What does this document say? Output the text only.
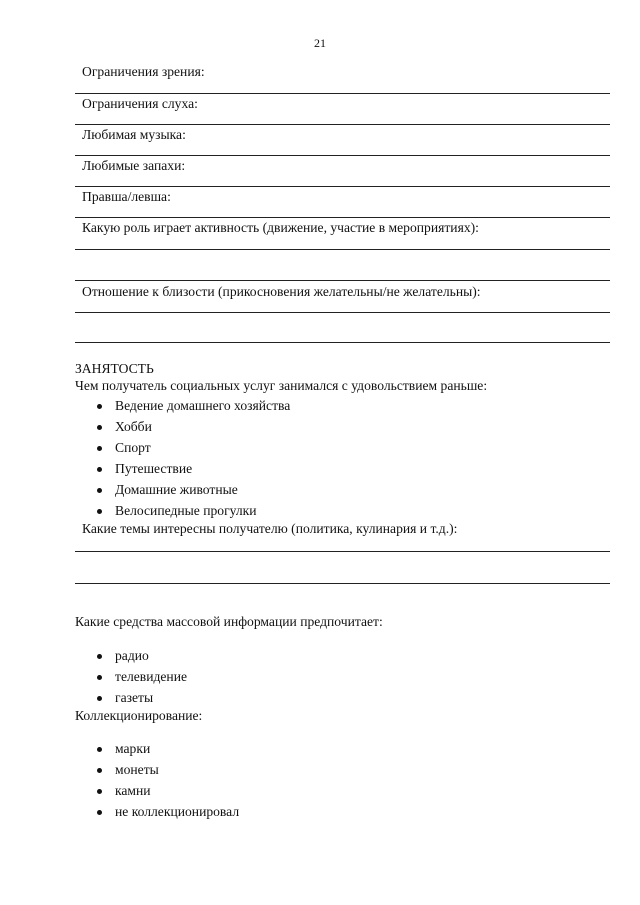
21
Ограничения зрения:
Ограничения слуха:
Любимая музыка:
Любимые запахи:
Правша/левша:
Какую роль играет активность (движение, участие в мероприятиях):
Отношение к близости (прикосновения желательны/не желательны):
ЗАНЯТОСТЬ
Чем получатель социальных услуг занимался с удовольствием раньше:
Ведение домашнего хозяйства
Хобби
Спорт
Путешествие
Домашние животные
Велосипедные прогулки
Какие темы интересны получателю (политика, кулинария и т.д.):
Какие средства массовой информации предпочитает:
радио
телевидение
газеты
Коллекционирование:
марки
монеты
камни
не коллекционировал
